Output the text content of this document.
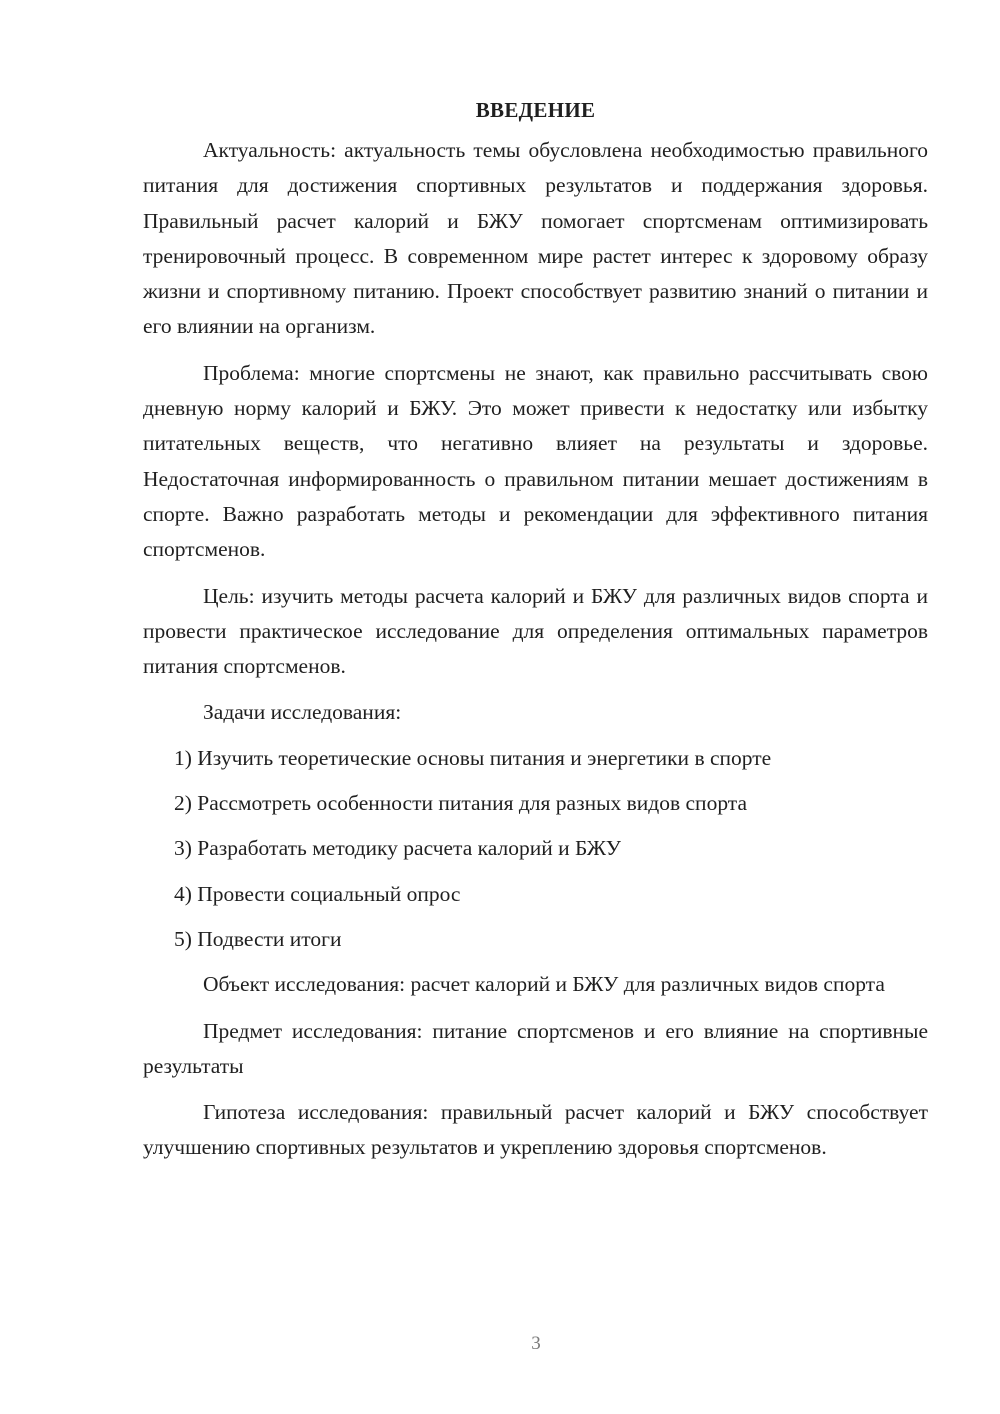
ВВЕДЕНИЕ

Актуальность: актуальность темы обусловлена необходимостью правильного питания для достижения спортивных результатов и поддержания здоровья. Правильный расчет калорий и БЖУ помогает спортсменам оптимизировать тренировочный процесс. В современном мире растет интерес к здоровому образу жизни и спортивному питанию. Проект способствует развитию знаний о питании и его влиянии на организм.

Проблема: многие спортсмены не знают, как правильно рассчитывать свою дневную норму калорий и БЖУ. Это может привести к недостатку или избытку питательных веществ, что негативно влияет на результаты и здоровье. Недостаточная информированность о правильном питании мешает достижениям в спорте. Важно разработать методы и рекомендации для эффективного питания спортсменов.

Цель: изучить методы расчета калорий и БЖУ для различных видов спорта и провести практическое исследование для определения оптимальных параметров питания спортсменов.

Задачи исследования:

1) Изучить теоретические основы питания и энергетики в спорте
2) Рассмотреть особенности питания для разных видов спорта
3) Разработать методику расчета калорий и БЖУ
4) Провести социальный опрос
5) Подвести итоги

Объект исследования: расчет калорий и БЖУ для различных видов спорта

Предмет исследования: питание спортсменов и его влияние на спортивные результаты

Гипотеза исследования: правильный расчет калорий и БЖУ способствует улучшению спортивных результатов и укреплению здоровья спортсменов.

3
